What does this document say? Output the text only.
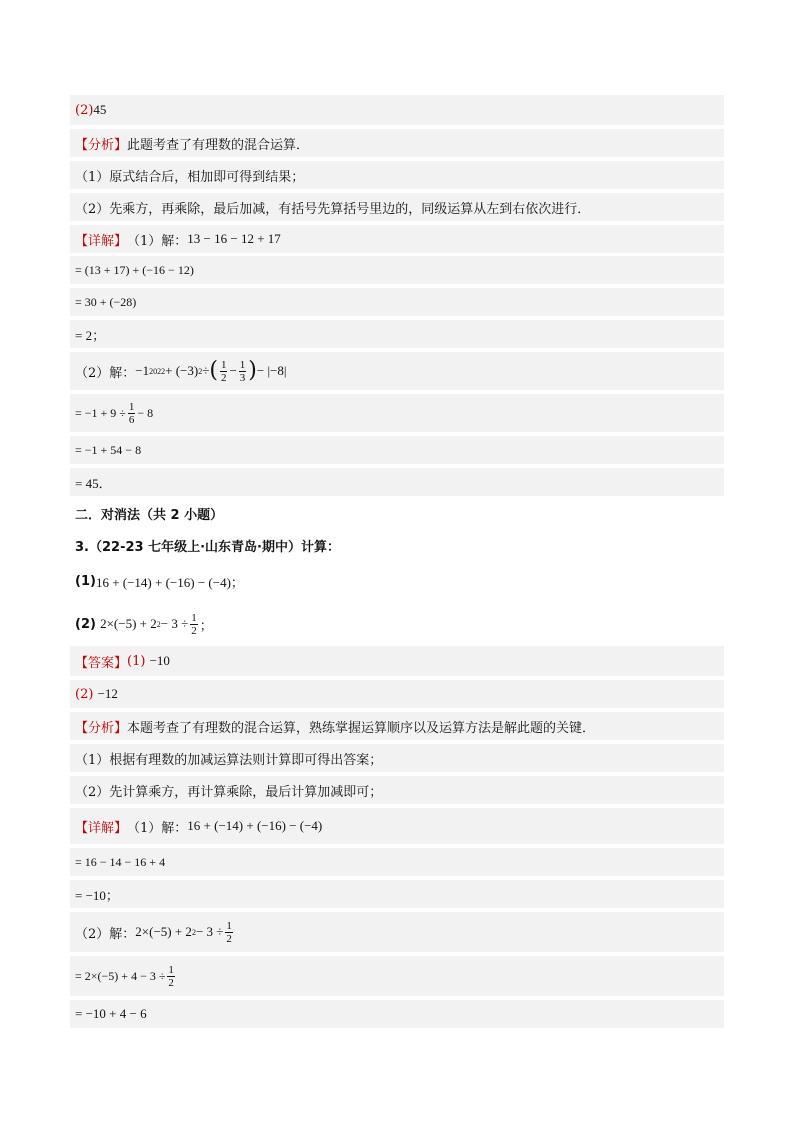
(2) 45
【分析】 此题考查了有理数的混合运算．
（1）原式结合后，相加即可得到结果；
（2）先乘方，再乘除，最后加减，有括号先算括号里边的，同级运算从左到右依次进行．
【详解】 （1）解： 13 − 16 − 12 + 17
= (13 + 17) + (−16 − 12)
= 30 + (−28)
= 2；
（2）解： −1 2022 + (−3) 2 ÷ ( $\frac{1}{2} - \frac{1}{3}$ ) − |−8|
= $-1 + 9 \div \frac{1}{6} - 8$
= −1 + 54 − 8
= 45．
二．对消法（共 2 小题）
3.（22-23 七年级上·山东青岛·期中）计算：
(1) 16 + (−14) + (−16) − (−4)；
(2)
2×(−5) + 2 $2 - 3 \div \frac{1}{2}$ ；
【答案】 (1)
−10
(2)
−12
【分析】 本题考查了有理数的混合运算，熟练掌握运算顺序以及运算方法是解此题的关键．
（1）根据有理数的加减运算法则计算即可得出答案；
（2）先计算乘方，再计算乘除，最后计算加减即可；
【详解】 （1）解： 16 + (−14) + (−16) − (−4)
= 16 − 14 − 16 + 4
= −10；
（2）解： 2×(−5) + 2 $2 - 3 \div \frac{1}{2}$
= $2\times(-5) + 4 - 3 \div \frac{1}{2}$
= −10 + 4 − 6
